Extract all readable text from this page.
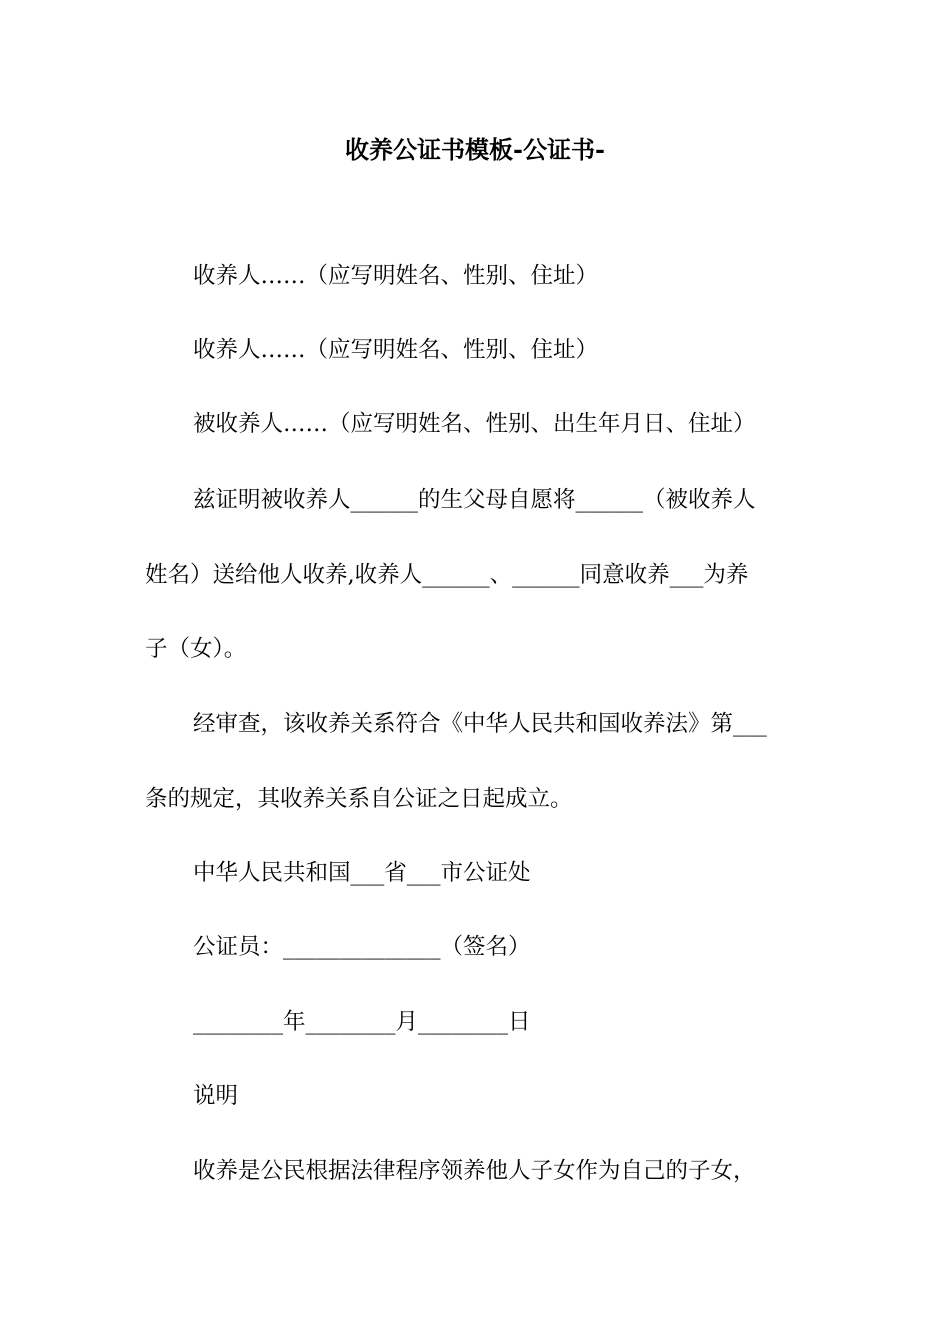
收养公证书模板-公证书-
收养人……（应写明姓名、性别、住址）
收养人……（应写明姓名、性别、住址）
被收养人……（应写明姓名、性别、出生年月日、住址）
兹证明被收养人______的生父母自愿将______（被收养人
姓名）送给他人收养,收养人______、______同意收养___为养
子（女）。
经审查，该收养关系符合《中华人民共和国收养法》第___
条的规定，其收养关系自公证之日起成立。
中华人民共和国___省___市公证处
公证员：______________（签名）
________年________月________日
说明
收养是公民根据法律程序领养他人子女作为自己的子女，
